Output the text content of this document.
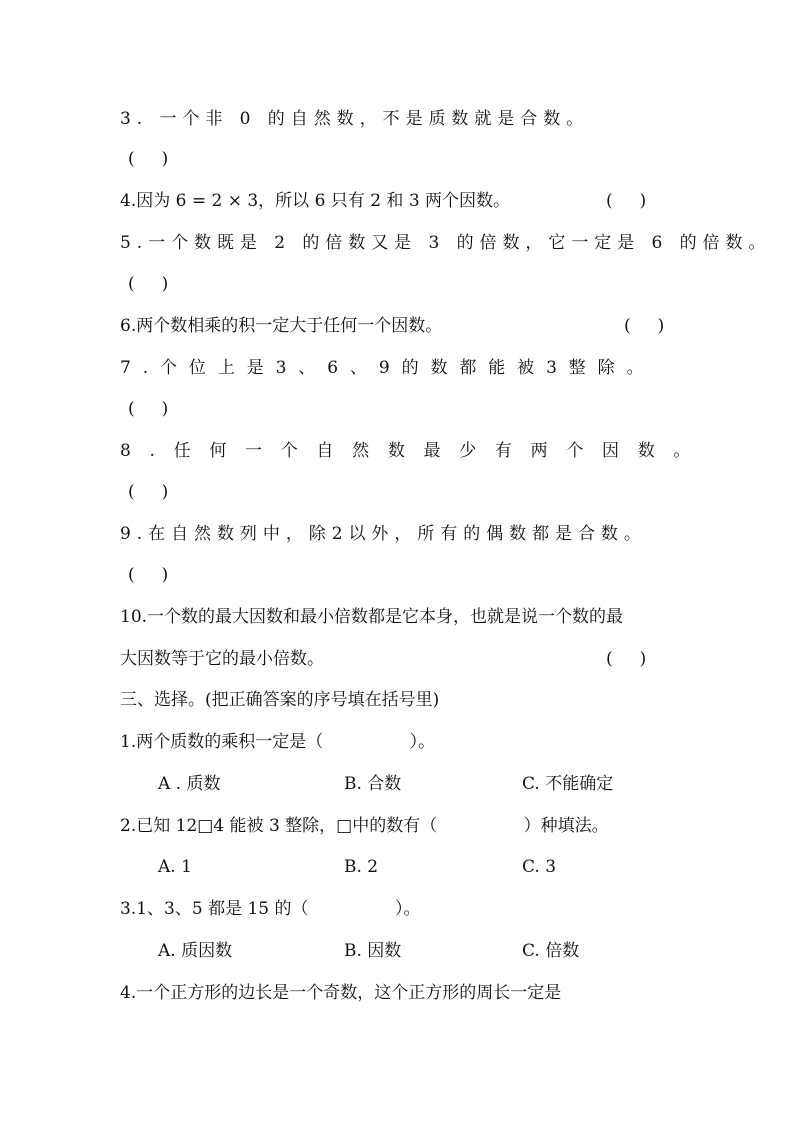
3. 一个非 0 的自然数，不是质数就是合数。
(     )
4.因为 6 = 2 × 3，所以 6 只有 2 和 3 两个因数。	(     )
5.一个数既是 2 的倍数又是 3 的倍数，它一定是 6 的倍数。
(     )
6.两个数相乘的积一定大于任何一个因数。	(     )
7.个位上是3、6、9的数都能被3整除。
(     )
8.任何一个自然数最少有两个因数。
(     )
9.在自然数列中，除2以外，所有的偶数都是合数。
(     )
10.一个数的最大因数和最小倍数都是它本身，也就是说一个数的最
大因数等于它的最小倍数。	(     )
三、选择。(把正确答案的序号填在括号里)
1.两个质数的乘积一定是（                ）。
A . 质数	B. 合数	C. 不能确定
2.已知 12□4 能被 3 整除，□中的数有（                ）种填法。
A. 1	B. 2	C. 3
3.1、3、5 都是 15 的（                ）。
A. 质因数	B. 因数	C. 倍数
4.一个正方形的边长是一个奇数，这个正方形的周长一定是
